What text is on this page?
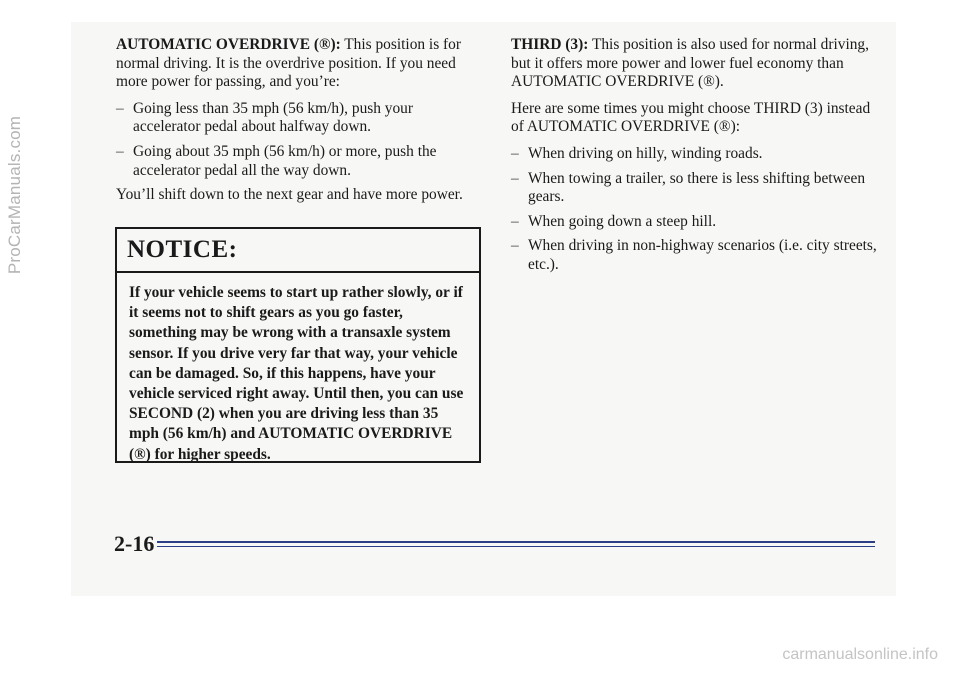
ProCarManuals.com

AUTOMATIC OVERDRIVE (®): This position is for normal driving. It is the overdrive position. If you need more power for passing, and you’re:

– Going less than 35 mph (56 km/h), push your accelerator pedal about halfway down.
– Going about 35 mph (56 km/h) or more, push the accelerator pedal all the way down.

You’ll shift down to the next gear and have more power.

NOTICE:
If your vehicle seems to start up rather slowly, or if it seems not to shift gears as you go faster, something may be wrong with a transaxle system sensor. If you drive very far that way, your vehicle can be damaged. So, if this happens, have your vehicle serviced right away. Until then, you can use SECOND (2) when you are driving less than 35 mph (56 km/h) and AUTOMATIC OVERDRIVE (®) for higher speeds.

THIRD (3): This position is also used for normal driving, but it offers more power and lower fuel economy than AUTOMATIC OVERDRIVE (®).

Here are some times you might choose THIRD (3) instead of AUTOMATIC OVERDRIVE (®):

– When driving on hilly, winding roads.
– When towing a trailer, so there is less shifting between gears.
– When going down a steep hill.
– When driving in non-highway scenarios (i.e. city streets, etc.).
2-16
carmanualsonline.info
